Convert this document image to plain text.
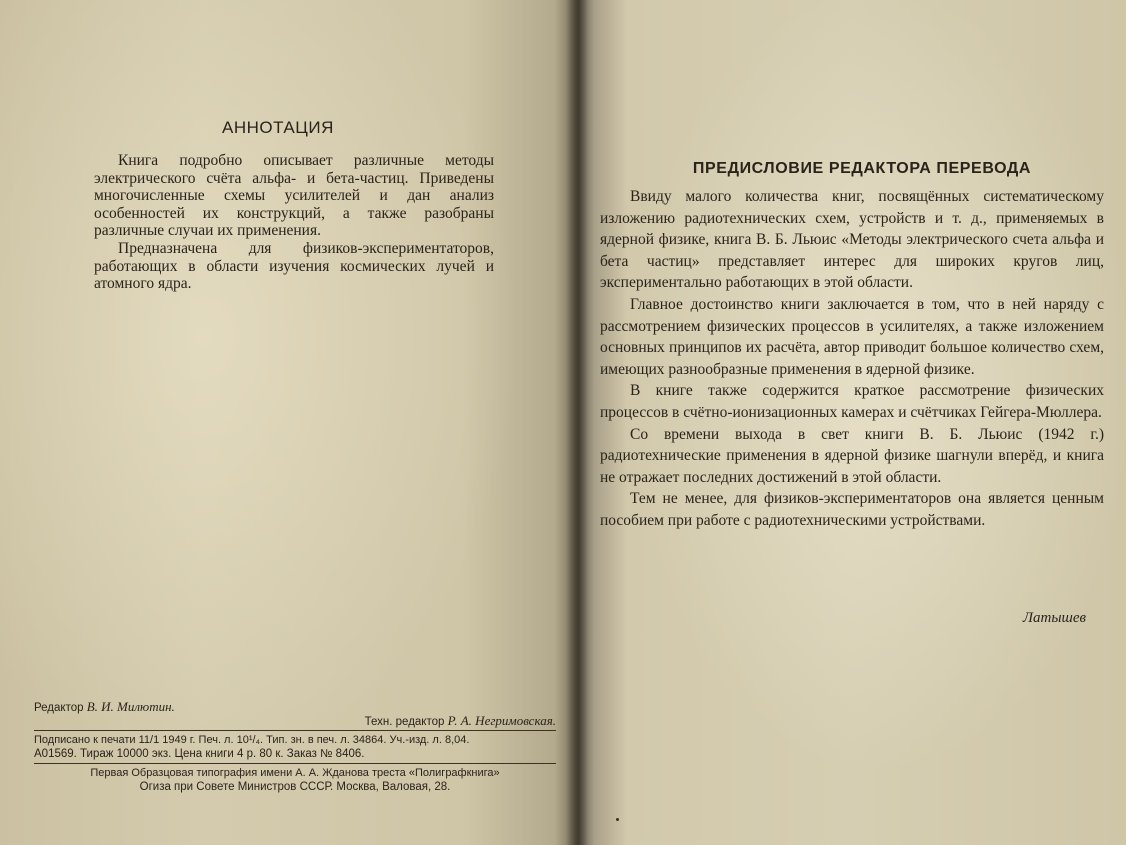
АННОТАЦИЯ

Книга подробно описывает различные методы электрического счёта альфа- и бета-частиц. Приведены многочисленные схемы усилителей и дан анализ особенностей их конструкций, а также разобраны различные случаи их применения.

Предназначена для физиков-экспериментаторов, работающих в области изучения космических лучей и атомного ядра.

Редактор В. И. Милютин.
Техн. редактор Р. А. Негримовская.
Подписано к печати 11/1 1949 г. Печ. л. 10¹/₄. Тип. зн. в печ. л. 34864. Уч.-изд. л. 8,04.
А01569. Тираж 10000 экз. Цена книги 4 р. 80 к. Заказ № 8406.
Первая Образцовая типография имени А. А. Жданова треста «Полиграфкнига»
Огиза при Совете Министров СССР. Москва, Валовая, 28.
ПРЕДИСЛОВИЕ РЕДАКТОРА ПЕРЕВОДА

Ввиду малого количества книг, посвящённых систематическому изложению радиотехнических схем, устройств и т. д., применяемых в ядерной физике, книга В. Б. Льюис «Методы электрического счета альфа и бета частиц» представляет интерес для широких кругов лиц, экспериментально работающих в этой области.

Главное достоинство книги заключается в том, что в ней наряду с рассмотрением физических процессов в усилителях, а также изложением основных принципов их расчёта, автор приводит большое количество схем, имеющих разнообразные применения в ядерной физике.

В книге также содержится краткое рассмотрение физических процессов в счётно-ионизационных камерах и счётчиках Гейгера-Мюллера.

Со времени выхода в свет книги В. Б. Льюис (1942 г.) радиотехнические применения в ядерной физике шагнули вперёд, и книга не отражает последних достижений в этой области.

Тем не менее, для физиков-экспериментаторов она является ценным пособием при работе с радиотехническими устройствами.

Латышев
